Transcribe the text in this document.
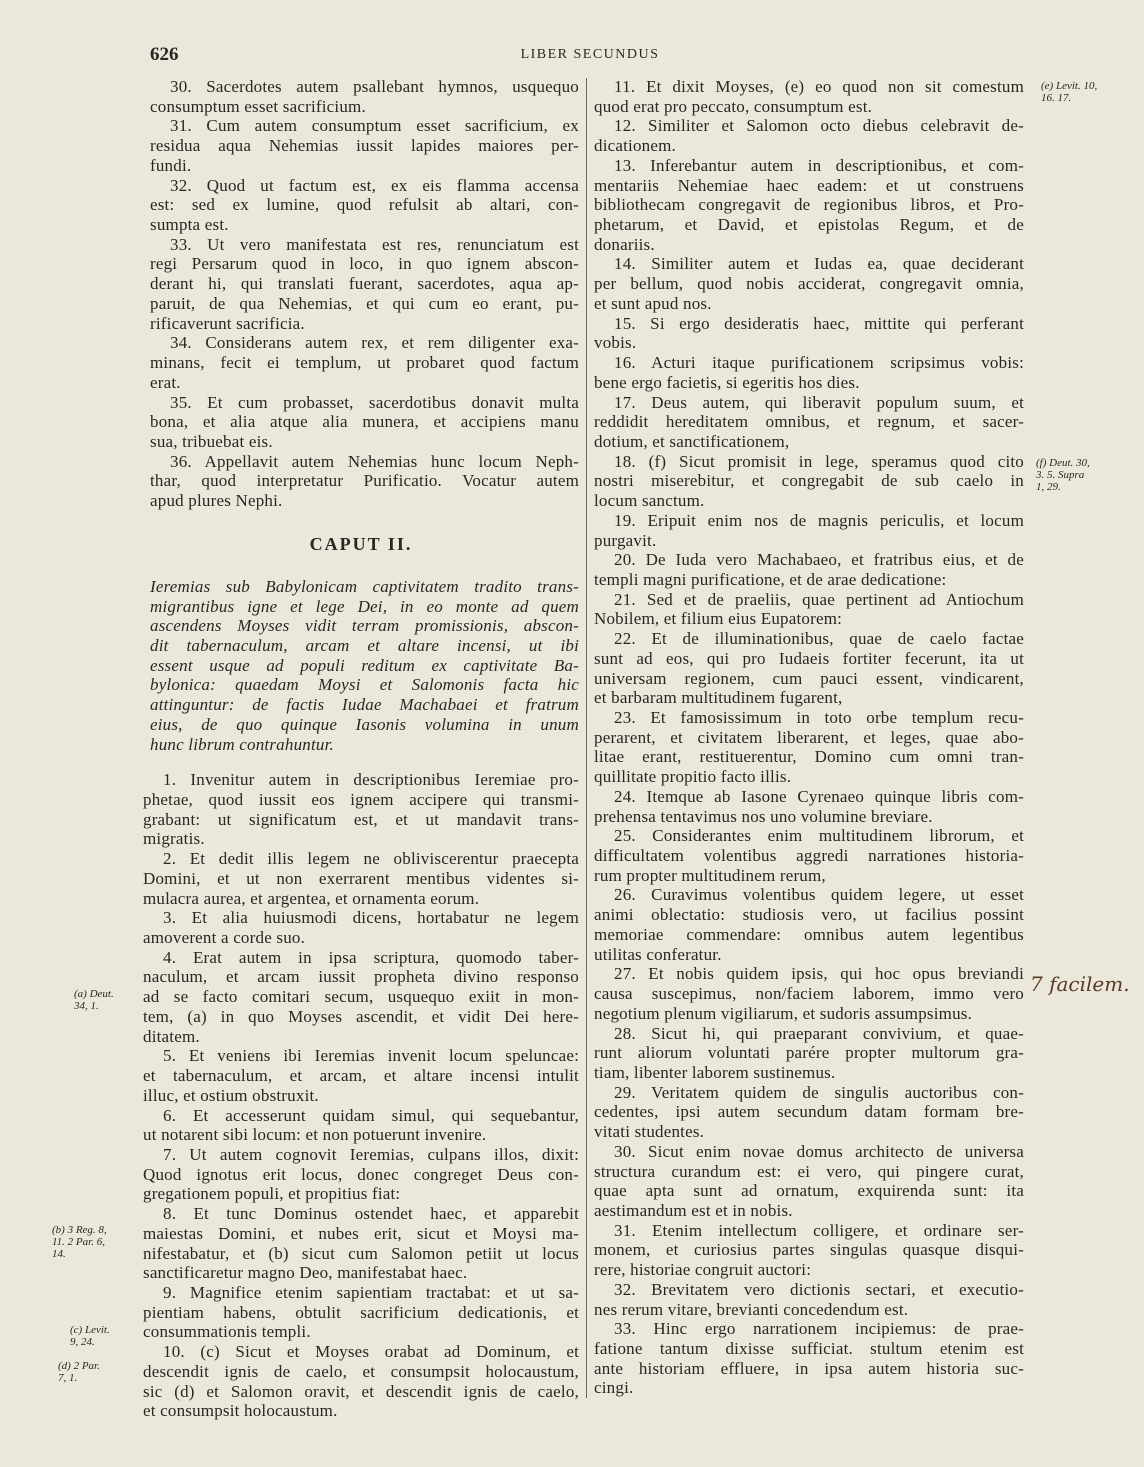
626	LIBER SECUNDUS
30. Sacerdotes autem psallebant hymnos, usquequo
consumptum esset sacrificium.
31. Cum autem consumptum esset sacrificium, ex
residua aqua Nehemias iussit lapides maiores per-
fundi.
32. Quod ut factum est, ex eis flamma accensa
est: sed ex lumine, quod refulsit ab altari, con-
sumpta est.
33. Ut vero manifestata est res, renunciatum est
regi Persarum quod in loco, in quo ignem abscon-
derant hi, qui translati fuerant, sacerdotes, aqua ap-
paruit, de qua Nehemias, et qui cum eo erant, pu-
rificaverunt sacrificia.
34. Considerans autem rex, et rem diligenter exa-
minans, fecit ei templum, ut probaret quod factum
erat.
35. Et cum probasset, sacerdotibus donavit multa
bona, et alia atque alia munera, et accipiens manu
sua, tribuebat eis.
36. Appellavit autem Nehemias hunc locum Neph-
thar, quod interpretatur Purificatio. Vocatur autem
apud plures Nephi.
CAPUT II.
Ieremias sub Babylonicam captivitatem tradito trans-
migrantibus igne et lege Dei, in eo monte ad quem
ascendens Moyses vidit terram promissionis, abscon-
dit tabernaculum, arcam et altare incensi, ut ibi
essent usque ad populi reditum ex captivitate Ba-
bylonica: quaedam Moysi et Salomonis facta hic
attinguntur: de factis Iudae Machabaei et fratrum
eius, de quo quinque Iasonis volumina in unum
hunc librum contrahuntur.
1. Invenitur autem in descriptionibus Ieremiae pro-
phetae, quod iussit eos ignem accipere qui transmi-
grabant: ut significatum est, et ut mandavit trans-
migratis.
2. Et dedit illis legem ne obliviscerentur praecepta
Domini, et ut non exerrarent mentibus videntes si-
mulacra aurea, et argentea, et ornamenta eorum.
3. Et alia huiusmodi dicens, hortabatur ne legem
amoverent a corde suo.
4. Erat autem in ipsa scriptura, quomodo taber-
naculum, et arcam iussit propheta divino responso
ad se facto comitari secum, usquequo exiit in mon-
tem, (a) in quo Moyses ascendit, et vidit Dei here-
ditatem.
5. Et veniens ibi Ieremias invenit locum speluncae:
et tabernaculum, et arcam, et altare incensi intulit
illuc, et ostium obstruxit.
6. Et accesserunt quidam simul, qui sequebantur,
ut notarent sibi locum: et non potuerunt invenire.
7. Ut autem cognovit Ieremias, culpans illos, dixit:
Quod ignotus erit locus, donec congreget Deus con-
gregationem populi, et propitius fiat:
8. Et tunc Dominus ostendet haec, et apparebit
maiestas Domini, et nubes erit, sicut et Moysi ma-
nifestabatur, et (b) sicut cum Salomon petiit ut locus
sanctificaretur magno Deo, manifestabat haec.
9. Magnifice etenim sapientiam tractabat: et ut sa-
pientiam habens, obtulit sacrificium dedicationis, et
consummationis templi.
10. (c) Sicut et Moyses orabat ad Dominum, et
descendit ignis de caelo, et consumpsit holocaustum,
sic (d) et Salomon oravit, et descendit ignis de caelo,
et consumpsit holocaustum.
11. Et dixit Moyses, (e) eo quod non sit comestum
quod erat pro peccato, consumptum est.
12. Similiter et Salomon octo diebus celebravit de-
dicationem.
13. Inferebantur autem in descriptionibus, et com-
mentariis Nehemiae haec eadem: et ut construens
bibliothecam congregavit de regionibus libros, et Pro-
phetarum, et David, et epistolas Regum, et de
donariis.
14. Similiter autem et Iudas ea, quae deciderant
per bellum, quod nobis acciderat, congregavit omnia,
et sunt apud nos.
15. Si ergo desideratis haec, mittite qui perferant
vobis.
16. Acturi itaque purificationem scripsimus vobis:
bene ergo facietis, si egeritis hos dies.
17. Deus autem, qui liberavit populum suum, et
reddidit hereditatem omnibus, et regnum, et sacer-
dotium, et sanctificationem,
18. (f) Sicut promisit in lege, speramus quod cito
nostri miserebitur, et congregabit de sub caelo in
locum sanctum.
19. Eripuit enim nos de magnis periculis, et locum
purgavit.
20. De Iuda vero Machabaeo, et fratribus eius, et de
templi magni purificatione, et de arae dedicatione:
21. Sed et de praeliis, quae pertinent ad Antiochum
Nobilem, et filium eius Eupatorem:
22. Et de illuminationibus, quae de caelo factae
sunt ad eos, qui pro Iudaeis fortiter fecerunt, ita ut
universam regionem, cum pauci essent, vindicarent,
et barbaram multitudinem fugarent,
23. Et famosissimum in toto orbe templum recu-
perarent, et civitatem liberarent, et leges, quae abo-
litae erant, restituerentur, Domino cum omni tran-
quillitate propitio facto illis.
24. Itemque ab Iasone Cyrenaeo quinque libris com-
prehensa tentavimus nos uno volumine breviare.
25. Considerantes enim multitudinem librorum, et
difficultatem volentibus aggredi narrationes historia-
rum propter multitudinem rerum,
26. Curavimus volentibus quidem legere, ut esset
animi oblectatio: studiosis vero, ut facilius possint
memoriae commendare: omnibus autem legentibus
utilitas conferatur.
27. Et nobis quidem ipsis, qui hoc opus breviandi
causa suscepimus, non/faciem laborem, immo vero
negotium plenum vigiliarum, et sudoris assumpsimus.
28. Sicut hi, qui praeparant convivium, et quae-
runt aliorum voluntati parére propter multorum gra-
tiam, libenter laborem sustinemus.
29. Veritatem quidem de singulis auctoribus con-
cedentes, ipsi autem secundum datam formam bre-
vitati studentes.
30. Sicut enim novae domus architecto de universa
structura curandum est: ei vero, qui pingere curat,
quae apta sunt ad ornatum, exquirenda sunt: ita
aestimandum est et in nobis.
31. Etenim intellectum colligere, et ordinare ser-
monem, et curiosius partes singulas quasque disqui-
rere, historiae congruit auctori:
32. Brevitatem vero dictionis sectari, et executio-
nes rerum vitare, brevianti concedendum est.
33. Hinc ergo narrationem incipiemus: de prae-
fatione tantum dixisse sufficiat. stultum etenim est
ante historiam effluere, in ipsa autem historia suc-
cingi.
(e) Levit. 10,
16. 17.
(f) Deut. 30,
3. 5. Supra
1, 29.
(a) Deut.
34, 1.
(b) 3 Reg. 8,
11. 2 Par. 6,
14.
(c) Levit.
9, 24.
(d) 2 Par.
7, 1.
7 facilem.
